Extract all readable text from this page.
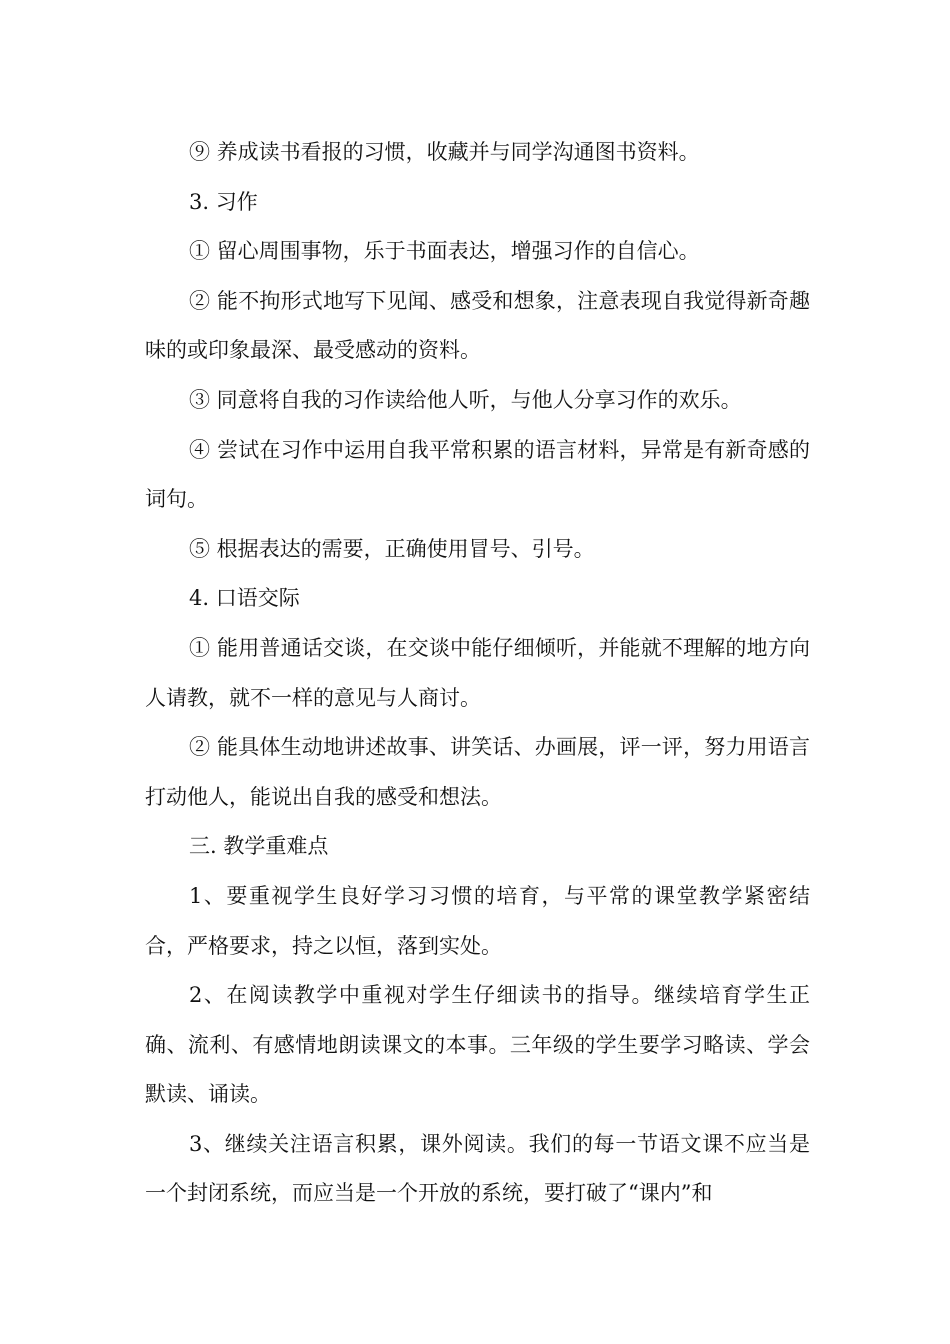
⑨ 养成读书看报的习惯，收藏并与同学沟通图书资料。

3. 习作

① 留心周围事物，乐于书面表达，增强习作的自信心。

② 能不拘形式地写下见闻、感受和想象，注意表现自我觉得新奇趣味的或印象最深、最受感动的资料。

③ 同意将自我的习作读给他人听，与他人分享习作的欢乐。

④ 尝试在习作中运用自我平常积累的语言材料，异常是有新奇感的词句。

⑤ 根据表达的需要，正确使用冒号、引号。

4. 口语交际

① 能用普通话交谈，在交谈中能仔细倾听，并能就不理解的地方向人请教，就不一样的意见与人商讨。

② 能具体生动地讲述故事、讲笑话、办画展，评一评，努力用语言打动他人，能说出自我的感受和想法。

三. 教学重难点

1、要重视学生良好学习习惯的培育，与平常的课堂教学紧密结合，严格要求，持之以恒，落到实处。

2、在阅读教学中重视对学生仔细读书的指导。继续培育学生正确、流利、有感情地朗读课文的本事。三年级的学生要学习略读、学会默读、诵读。

3、继续关注语言积累，课外阅读。我们的每一节语文课不应当是一个封闭系统，而应当是一个开放的系统，要打破了“课内”和
